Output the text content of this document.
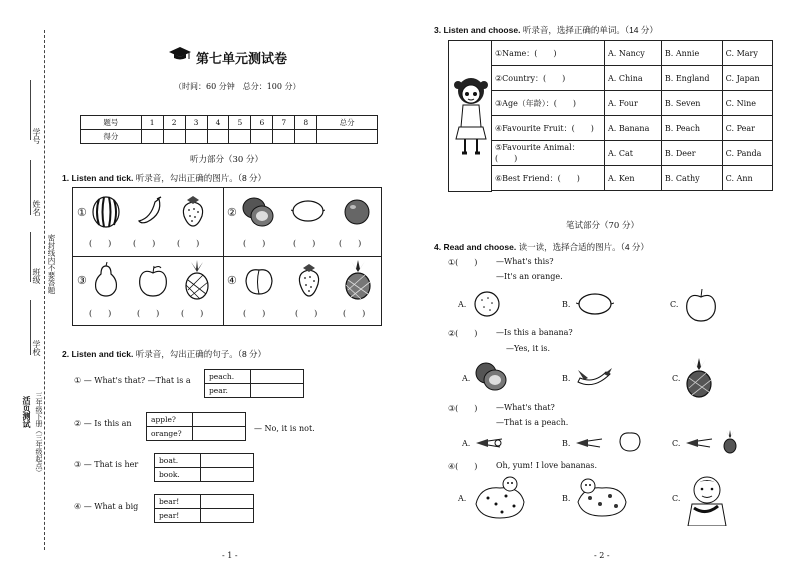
学号
姓名
班级 密封线内不要答题
学校
活页测试 三年级下册（三年级起点）
第七单元测试卷
（时间：60 分钟　总分：100 分）
题号	1	2	3	4	5	6	7	8	总分
得分									
听力部分（30 分）
1. Listen and tick. 听录音，勾出正确的图片。（8 分）
①	②
③	④
(　　)	(　　)	(　　)	(　　)	(　　)	(　　)
(　　)	(　　)	(　　)	(　　)	(　　)	(　　)
2. Listen and tick. 听录音，勾出正确的句子。（8 分）
① — What's that? —That is a peach.	
pear.	
② — Is this an	apple?	
orange?	
— No, it is not.
③ — That is her	boat.	
book.	
④ — What a big
bear!	
pear!	
- 1 -
3. Listen and choose. 听录音，选择正确的单词。（14 分）
①Name：(　　)	A. Nancy	B. Annie	C. Mary
②Country：(　　)	A. China	B. England	C. Japan
③Age（年龄）：(　　)	A. Four	B. Seven	C. Nine
④Favourite Fruit：(　　)	A. Banana	B. Peach	C. Pear
⑤Favourite Animal：(　　)	A. Cat	B. Deer	C. Panda
⑥Best Friend：(　　)	A. Ken	B. Cathy	C. Ann
笔试部分（70 分）
4. Read and choose. 读一读，选择合适的图片。（4 分）
①(　　) —What's this?
—It's an orange.
A.	B.	C.
②(　　) —Is this a banana?
—Yes, it is.
A.	B.	C.
③(　　) —What's that?
—That is a peach.
A.	B.	C.
④(　　) Oh, yum! I love bananas.
A.	B.	C.
- 2 -
